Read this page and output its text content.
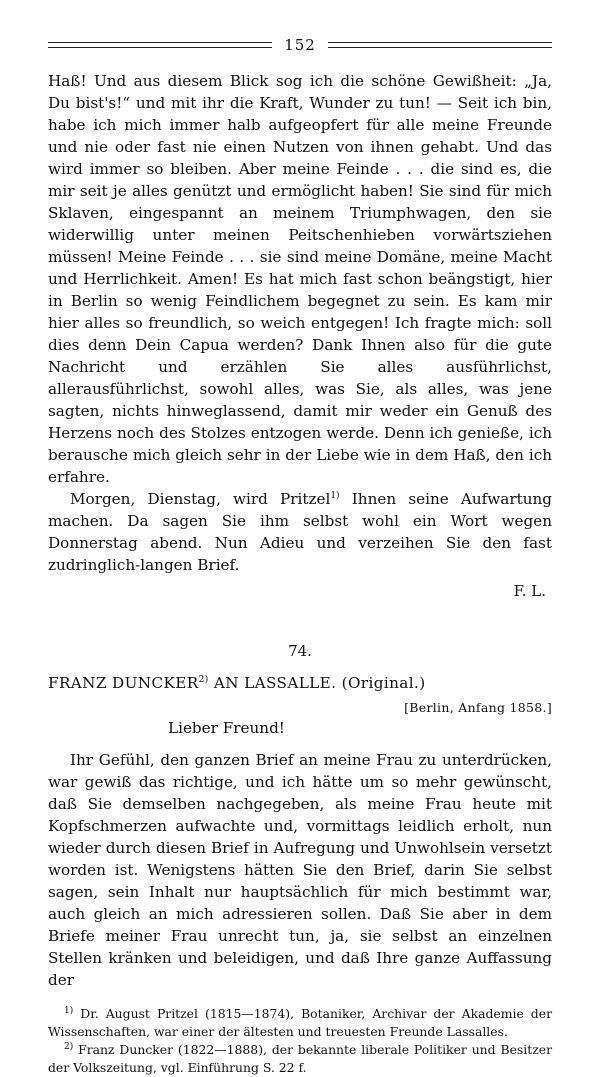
152

Haß! Und aus diesem Blick sog ich die schöne Gewißheit: „Ja, Du bist's!“ und mit ihr die Kraft, Wunder zu tun! — Seit ich bin, habe ich mich immer halb aufgeopfert für alle meine Freunde und nie oder fast nie einen Nutzen von ihnen gehabt. Und das wird immer so bleiben. Aber meine Feinde . . . die sind es, die mir seit je alles genützt und ermöglicht haben! Sie sind für mich Sklaven, eingespannt an meinem Triumphwagen, den sie widerwillig unter meinen Peitschenhieben vorwärtsziehen müssen! Meine Feinde . . . sie sind meine Domäne, meine Macht und Herrlichkeit. Amen! Es hat mich fast schon beängstigt, hier in Berlin so wenig Feindlichem begegnet zu sein. Es kam mir hier alles so freundlich, so weich entgegen! Ich fragte mich: soll dies denn Dein Capua werden? Dank Ihnen also für die gute Nachricht und erzählen Sie alles ausführlichst, allerausführlichst, sowohl alles, was Sie, als alles, was jene sagten, nichts hinweglassend, damit mir weder ein Genuß des Herzens noch des Stolzes entzogen werde. Denn ich genieße, ich berausche mich gleich sehr in der Liebe wie in dem Haß, den ich erfahre.

Morgen, Dienstag, wird Pritzel$^{1)}$ Ihnen seine Aufwartung machen. Da sagen Sie ihm selbst wohl ein Wort wegen Donnerstag abend. Nun Adieu und verzeihen Sie den fast zudringlich-langen Brief.

F. L.
74.

FRANZ DUNCKER$^{2)}$ AN LASSALLE. (Original.)

[Berlin, Anfang 1858.]

Lieber Freund!

Ihr Gefühl, den ganzen Brief an meine Frau zu unterdrücken, war gewiß das richtige, und ich hätte um so mehr gewünscht, daß Sie demselben nachgegeben, als meine Frau heute mit Kopfschmerzen aufwachte und, vormittags leidlich erholt, nun wieder durch diesen Brief in Aufregung und Unwohlsein versetzt worden ist. Wenigstens hätten Sie den Brief, darin Sie selbst sagen, sein Inhalt nur hauptsächlich für mich bestimmt war, auch gleich an mich adressieren sollen. Daß Sie aber in dem Briefe meiner Frau unrecht tun, ja, sie selbst an einzelnen Stellen kränken und beleidigen, und daß Ihre ganze Auffassung der

$^{1)}$ Dr. August Pritzel (1815—1874), Botaniker, Archivar der Akademie der Wissenschaften, war einer der ältesten und treuesten Freunde Lassalles.

$^{2)}$ Franz Duncker (1822—1888), der bekannte liberale Politiker und Besitzer der Volkszeitung, vgl. Einführung S. 22 f.
